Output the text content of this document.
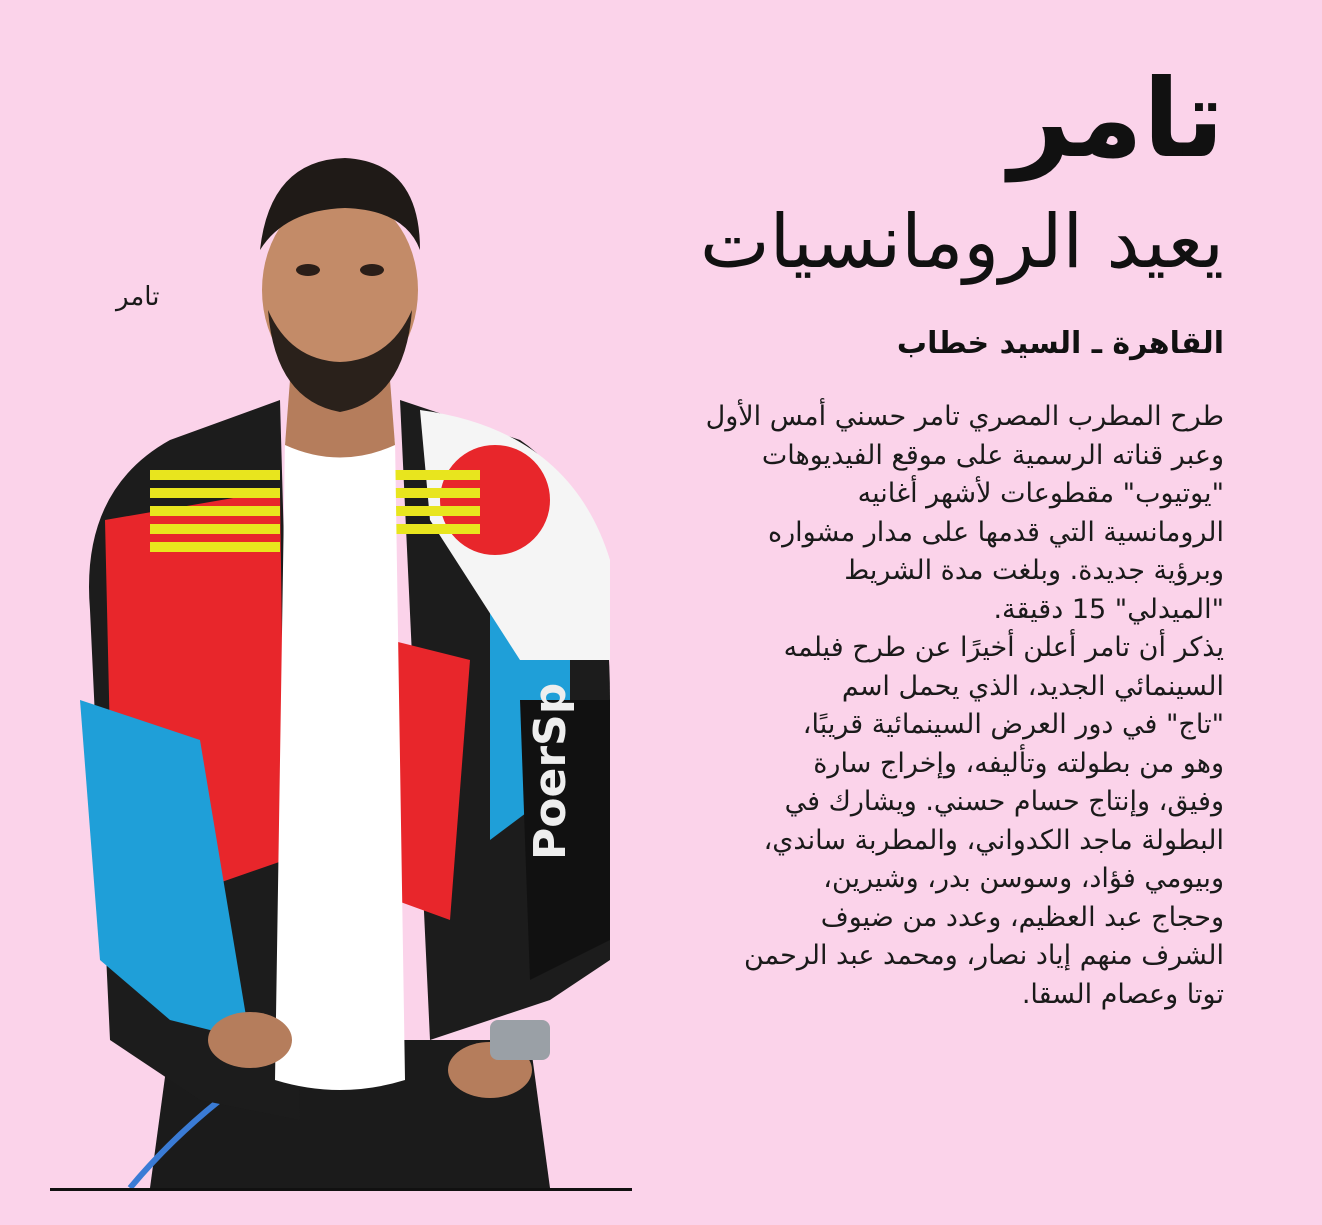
تامر
يعيد الرومانسيات
القاهرة ـ السيد خطاب

طرح المطرب المصري تامر حسني أمس الأول
وعبر قناته الرسمية على موقع الفيديوهات
"يوتيوب" مقطوعات لأشهر أغانيه
الرومانسية التي قدمها على مدار مشواره
وبرؤية جديدة. وبلغت مدة الشريط
"الميدلي" 15 دقيقة.

يذكر أن تامر أعلن أخيرًا عن طرح فيلمه
السينمائي الجديد، الذي يحمل اسم
"تاج" في دور العرض السينمائية قريبًا،
وهو من بطولته وتأليفه، وإخراج سارة
وفيق، وإنتاج حسام حسني. ويشارك في
البطولة ماجد الكدواني، والمطربة ساندي،
وبيومي فؤاد، وسوسن بدر، وشيرين،
وحجاج عبد العظيم، وعدد من ضيوف
الشرف منهم إياد نصار، ومحمد عبد الرحمن
توتا وعصام السقا.

PoerSp
تامر
